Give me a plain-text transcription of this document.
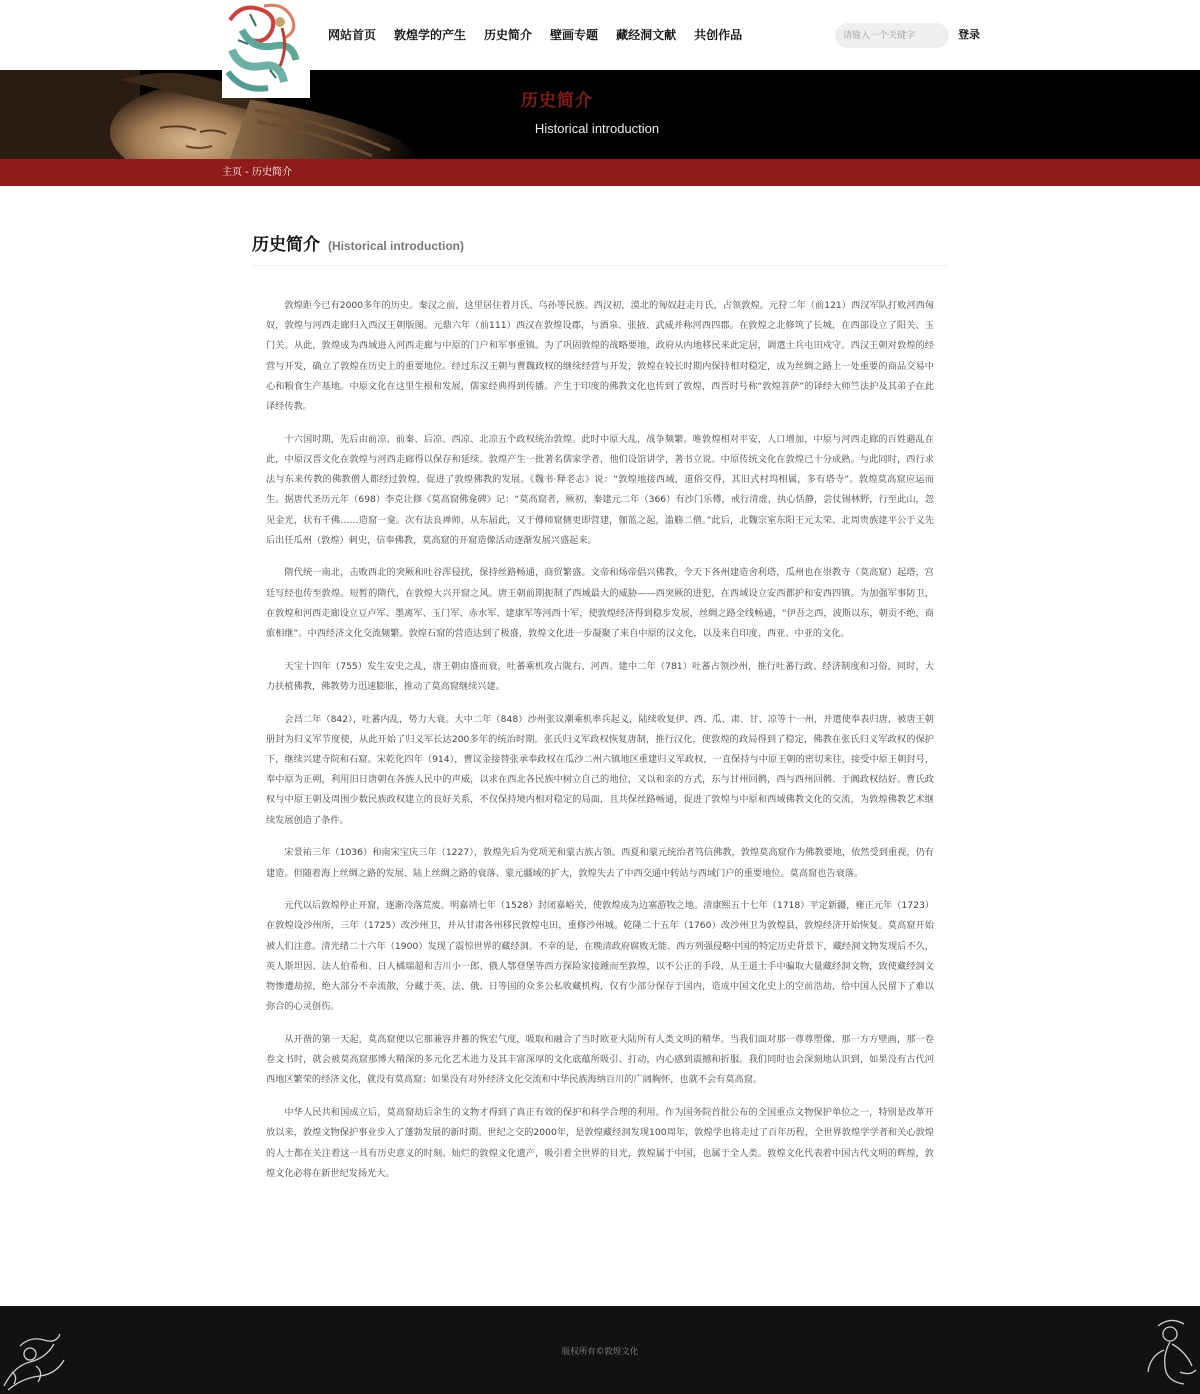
网站首页 敦煌学的产生 历史简介 壁画专题 藏经洞文献 共创作品
请输入一个关键字	登录
历史简介
Historical introduction
主页 - 历史简介
历史简介 (Historical introduction)

敦煌距今已有2000多年的历史。秦汉之前，这里居住着月氏、乌孙等民族。西汉初，漠北的匈奴赶走月氏，占领敦煌。元狩二年（前121）西汉军队打败河西匈奴，敦煌与河西走廊归入西汉王朝版图。元鼎六年（前111）西汉在敦煌设郡，与酒泉、张掖、武威并称河西四郡。在敦煌之北修筑了长城，在西部设立了阳关、玉门关。从此，敦煌成为西域进入河西走廊与中原的门户和军事重镇。为了巩固敦煌的战略要地，政府从内地移民来此定居，调遣士兵屯田戍守。西汉王朝对敦煌的经营与开发，确立了敦煌在历史上的重要地位。经过东汉王朝与曹魏政权的继续经营与开发，敦煌在较长时期内保持相对稳定，成为丝绸之路上一处重要的商品交易中心和粮食生产基地。中原文化在这里生根和发展，儒家经典得到传播。产生于印度的佛教文化也传到了敦煌，西晋时号称“敦煌菩萨”的译经大师竺法护及其弟子在此译经传教。

十六国时期，先后由前凉、前秦、后凉、西凉、北凉五个政权统治敦煌。此时中原大乱，战争频繁。唯敦煌相对平安，人口增加，中原与河西走廊的百姓避乱在此，中原汉晋文化在敦煌与河西走廊得以保存和延续。敦煌产生一批著名儒家学者，他们设馆讲学，著书立说。中原传统文化在敦煌已十分成熟。与此同时，西行求法与东来传教的佛教僧人都经过敦煌，促进了敦煌佛教的发展。《魏书·释老志》说：“敦煌地接西域，道俗交得，其旧式村坞相属，多有塔寺”。敦煌莫高窟应运而生。据唐代圣历元年（698）李克让修《莫高窟佛龛碑》记：“莫高窟者，厥初，秦建元二年（366）有沙门乐僔，戒行清虚，执心恬静，尝仗锡林野，行至此山，忽见金光，状有千佛……造窟一龛。次有法良禅师，从东届此，又于僔师窟侧更即营建，伽蓝之起，滥觞二僧。”此后，北魏宗室东阳王元太荣、北周贵族建平公于义先后出任瓜州（敦煌）刺史，信奉佛教，莫高窟的开窟造像活动逐渐发展兴盛起来。

隋代统一南北，击败西北的突厥和吐谷浑侵扰，保持丝路畅通，商贸繁盛。文帝和炀帝倡兴佛教，令天下各州建造舍利塔，瓜州也在崇教寺（莫高窟）起塔，宫廷写经也传至敦煌。短暂的隋代，在敦煌大兴开窟之风。唐王朝前期扼制了西域最大的威胁——西突厥的进犯，在西域设立安西都护和安西四镇。为加强军事防卫，在敦煌和河西走廊设立豆卢军、墨离军、玉门军、赤水军、建康军等河西十军，使敦煌经济得到稳步发展，丝绸之路全线畅通，“伊吾之西，波斯以东，朝贡不绝，商旅相继”。中西经济文化交流频繁。敦煌石窟的营造达到了极盛，敦煌文化进一步凝聚了来自中原的汉文化，以及来自印度、西亚、中亚的文化。

天宝十四年（755）发生安史之乱，唐王朝由盛而衰，吐蕃乘机攻占陇右、河西。建中二年（781）吐蕃占领沙州，推行吐蕃行政、经济制度和习俗，同时，大力扶植佛教，佛教势力迅速膨胀，推动了莫高窟继续兴建。

会昌二年（842），吐蕃内乱，势力大衰。大中二年（848）沙州张议潮乘机率兵起义，陆续收复伊、西、瓜、肃、甘、凉等十一州，并遣使奉表归唐，被唐王朝册封为归义军节度使，从此开始了归义军长达200多年的统治时期。张氏归义军政权恢复唐制，推行汉化，使敦煌的政局得到了稳定，佛教在张氏归义军政权的保护下，继续兴建寺院和石窟。宋乾化四年（914），曹议金接替张承奉政权在瓜沙二州六镇地区重建归义军政权，一直保持与中原王朝的密切来往，接受中原王朝封号，奉中原为正朔，利用旧日唐朝在各族人民中的声威，以求在西北各民族中树立自己的地位，又以和亲的方式，东与甘州回鹘，西与西州回鹘、于阗政权结好。曹氏政权与中原王朝及周围少数民族政权建立的良好关系，不仅保持境内相对稳定的局面，且共保丝路畅通，促进了敦煌与中原和西域佛教文化的交流，为敦煌佛教艺术继续发展创造了条件。

宋景祐三年（1036）和南宋宝庆三年（1227），敦煌先后为党项羌和蒙古族占领。西夏和蒙元统治者笃信佛教，敦煌莫高窟作为佛教要地，依然受到重视，仍有建造。但随着海上丝绸之路的发展、陆上丝绸之路的衰落、蒙元疆域的扩大，敦煌失去了中西交通中转站与西域门户的重要地位。莫高窟也告衰落。

元代以后敦煌停止开窟，逐渐冷落荒废。明嘉靖七年（1528）封闭嘉峪关，使敦煌成为边塞游牧之地。清康熙五十七年（1718）平定新疆，雍正元年（1723）在敦煌设沙州所，三年（1725）改沙州卫，并从甘肃各州移民敦煌屯田，重修沙州城。乾隆二十五年（1760）改沙州卫为敦煌县，敦煌经济开始恢复。莫高窟开始被人们注意。清光绪二十六年（1900）发现了震惊世界的藏经洞。不幸的是，在晚清政府腐败无能、西方列强侵略中国的特定历史背景下，藏经洞文物发现后不久，英人斯坦因、法人伯希和、日人橘瑞超和吉川小一郎、俄人鄂登堡等西方探险家接踵而至敦煌，以不公正的手段，从王道士手中骗取大量藏经洞文物，致使藏经洞文物惨遭劫掠，绝大部分不幸流散，分藏于英、法、俄、日等国的众多公私收藏机构，仅有少部分保存于国内，造成中国文化史上的空前浩劫，给中国人民留下了难以弥合的心灵创伤。

从开凿的第一天起，莫高窟便以它那兼容并蓄的恢宏气度，吸取和融合了当时欧亚大陆所有人类文明的精华。当我们面对那一尊尊塑像，那一方方壁画，那一卷卷文书时，就会被莫高窟那博大精深的多元化艺术进力及其丰富深厚的文化底蕴所吸引、打动，内心感到震撼和折服。我们同时也会深刻地认识到，如果没有古代河西地区繁荣的经济文化，就没有莫高窟；如果没有对外经济文化交流和中华民族海纳百川的广阔胸怀，也就不会有莫高窟。

中华人民共和国成立后，莫高窟劫后余生的文物才得到了真正有效的保护和科学合理的利用。作为国务院首批公布的全国重点文物保护单位之一，特别是改革开放以来，敦煌文物保护事业步入了蓬勃发展的新时期。世纪之交的2000年，是敦煌藏经洞发现100周年，敦煌学也将走过了百年历程，全世界敦煌学学者和关心敦煌的人士都在关注着这一具有历史意义的时刻。灿烂的敦煌文化遗产，吸引着全世界的目光，敦煌属于中国，也属于全人类。敦煌文化代表着中国古代文明的辉煌，敦煌文化必将在新世纪发扬光大。

版权所有©敦煌文化
